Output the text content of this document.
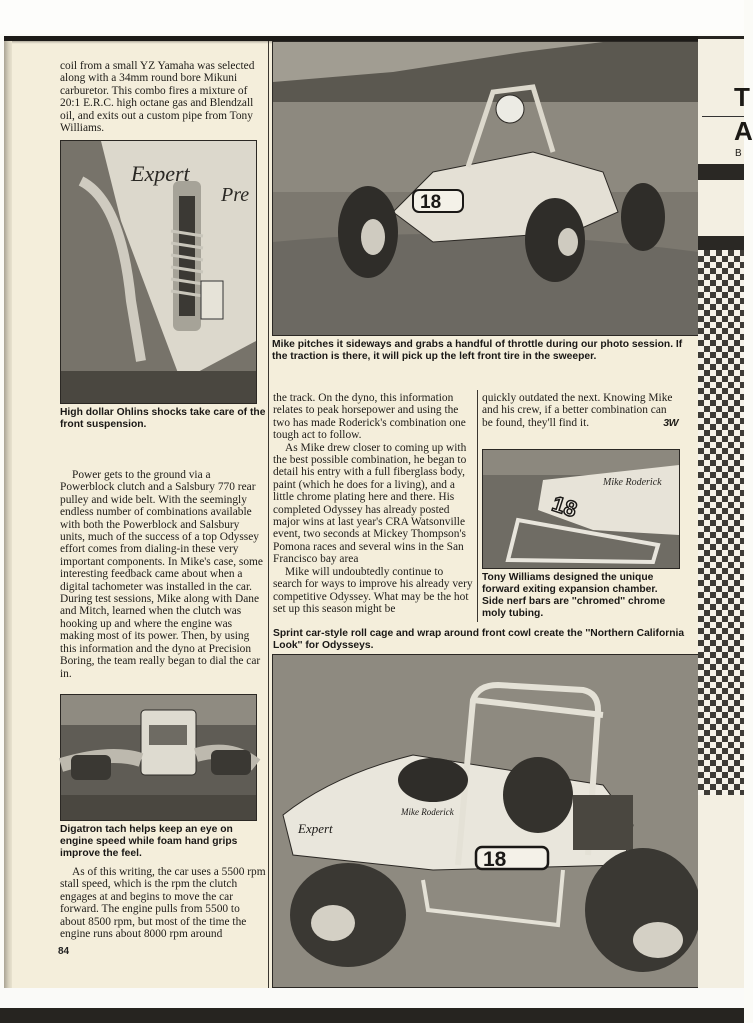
coil from a small YZ Yamaha was selected along with a 34mm round bore Mikuni carburetor. This combo fires a mixture of 20:1 E.R.C. high octane gas and Blendzall oil, and exits out a custom pipe from Tony Williams.

Expert
Pre
High dollar Ohlins shocks take care of the front suspension.

Power gets to the ground via a Powerblock clutch and a Salsbury 770 rear pulley and wide belt. With the seemingly endless number of combinations available with both the Powerblock and Salsbury units, much of the success of a top Odyssey effort comes from dialing-in these very important components. In Mike's case, some interesting feedback came about when a digital tachometer was installed in the car. During test sessions, Mike along with Dane and Mitch, learned when the clutch was hooking up and where the engine was making most of its power. Then, by using this information and the dyno at Precision Boring, the team really began to dial the car in.

Digatron tach helps keep an eye on engine speed while foam hand grips improve the feel.

As of this writing, the car uses a 5500 rpm stall speed, which is the rpm the clutch engages at and begins to move the car forward. The engine pulls from 5500 to about 8500 rpm, but most of the time the engine runs about 8000 rpm around

84
18
Mike pitches it sideways and grabs a handful of throttle during our photo session. If the traction is there, it will pick up the left front tire in the sweeper.

the track. On the dyno, this information relates to peak horsepower and using the two has made Roderick's combination one tough act to follow.

As Mike drew closer to coming up with the best possible combination, he began to detail his entry with a full fiberglass body, paint (which he does for a living), and a little chrome plating here and there. His completed Odyssey has already posted major wins at last year's CRA Watsonville event, two seconds at Mickey Thompson's Pomona races and several wins in the San Francisco bay area

Mike will undoubtedly continue to search for ways to improve his already very competitive Odyssey. What may be the hot set up this season might be

quickly outdated the next. Knowing Mike and his crew, if a better combination can be found, they'll find it.	3W

Mike Roderick
18
Tony Williams designed the unique forward exiting expansion chamber. Side nerf bars are ''chromed'' chrome moly tubing.
Sprint car-style roll cage and wrap around front cowl create the ''Northern California Look'' for Odysseys.
Expert
Mike Roderick
18
T
A
B
